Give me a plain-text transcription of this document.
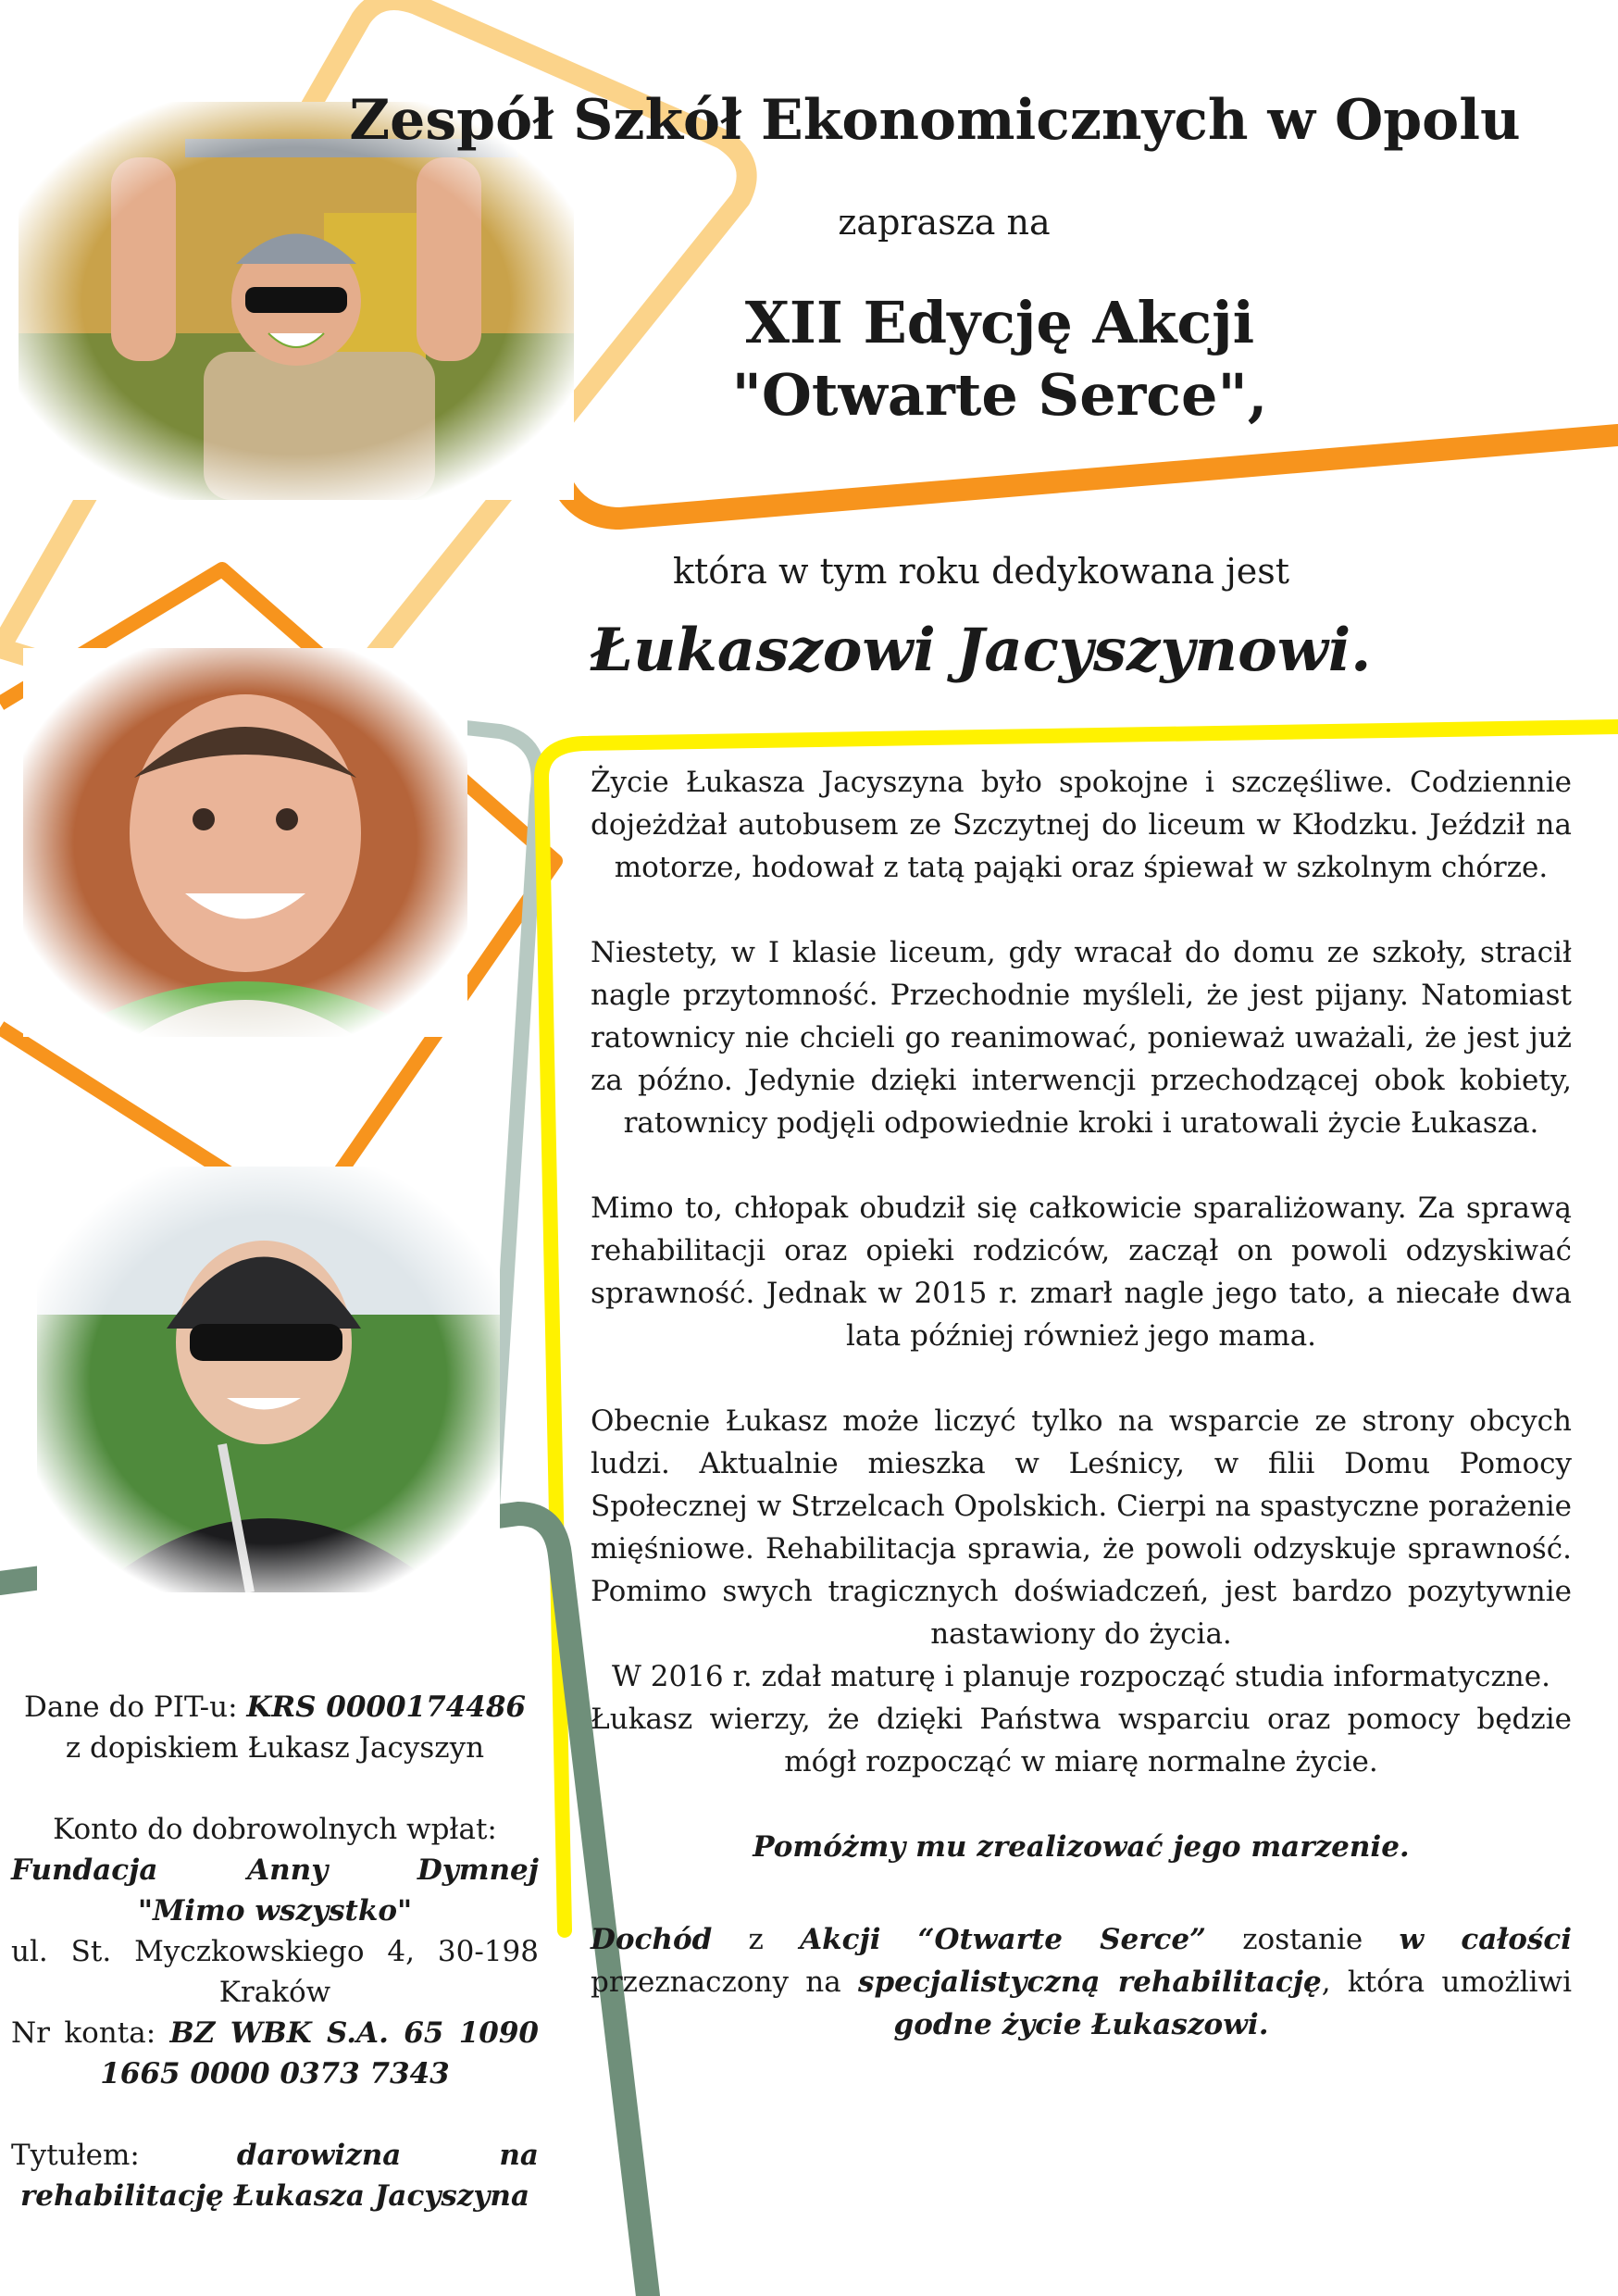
Zespół Szkół Ekonomicznych w Opolu
zaprasza na
XII Edycję Akcji
"Otwarte Serce",
która w tym roku dedykowana jest
Łukaszowi Jacyszynowi.

Życie Łukasza Jacyszyna było spokojne i szczęśliwe. Codziennie dojeżdżał autobusem ze Szczytnej do liceum w Kłodzku. Jeździł na motorze, hodował z tatą pająki oraz śpiewał w szkolnym chórze.

Niestety, w I klasie liceum, gdy wracał do domu ze szkoły, stracił nagle przytomność. Przechodnie myśleli, że jest pijany. Natomiast ratownicy nie chcieli go reanimować, ponieważ uważali, że jest już za późno. Jedynie dzięki interwencji przechodzącej obok kobiety, ratownicy podjęli odpowiednie kroki i uratowali życie Łukasza.

Mimo to, chłopak obudził się całkowicie sparaliżowany. Za sprawą rehabilitacji oraz opieki rodziców, zaczął on powoli odzyskiwać sprawność. Jednak w 2015 r. zmarł nagle jego tato, a niecałe dwa lata później również jego mama.

Obecnie Łukasz może liczyć tylko na wsparcie ze strony obcych ludzi. Aktualnie mieszka w Leśnicy, w filii Domu Pomocy Społecznej w Strzelcach Opolskich. Cierpi na spastyczne porażenie mięśniowe. Rehabilitacja sprawia, że powoli odzyskuje sprawność. Pomimo swych tragicznych doświadczeń, jest bardzo pozytywnie nastawiony do życia.

W 2016 r. zdał maturę i planuje rozpocząć studia informatyczne.

Łukasz wierzy, że dzięki Państwa wsparciu oraz pomocy będzie mógł rozpocząć w miarę normalne życie.

Pomóżmy mu zrealizować jego marzenie.

Dochód z Akcji “Otwarte Serce” zostanie w całości przeznaczony na specjalistyczną rehabilitację, która umożliwi godne życie Łukaszowi.

Dane do PIT-u: KRS 0000174486

z dopiskiem Łukasz Jacyszyn

Konto do dobrowolnych wpłat:

Fundacja Anny Dymnej

"Mimo wszystko"

ul. St. Myczkowskiego 4, 30-198

Kraków

Nr konta: BZ WBK S.A. 65 1090

1665 0000 0373 7343

Tytułem: darowizna na

rehabilitację Łukasza Jacyszyna
